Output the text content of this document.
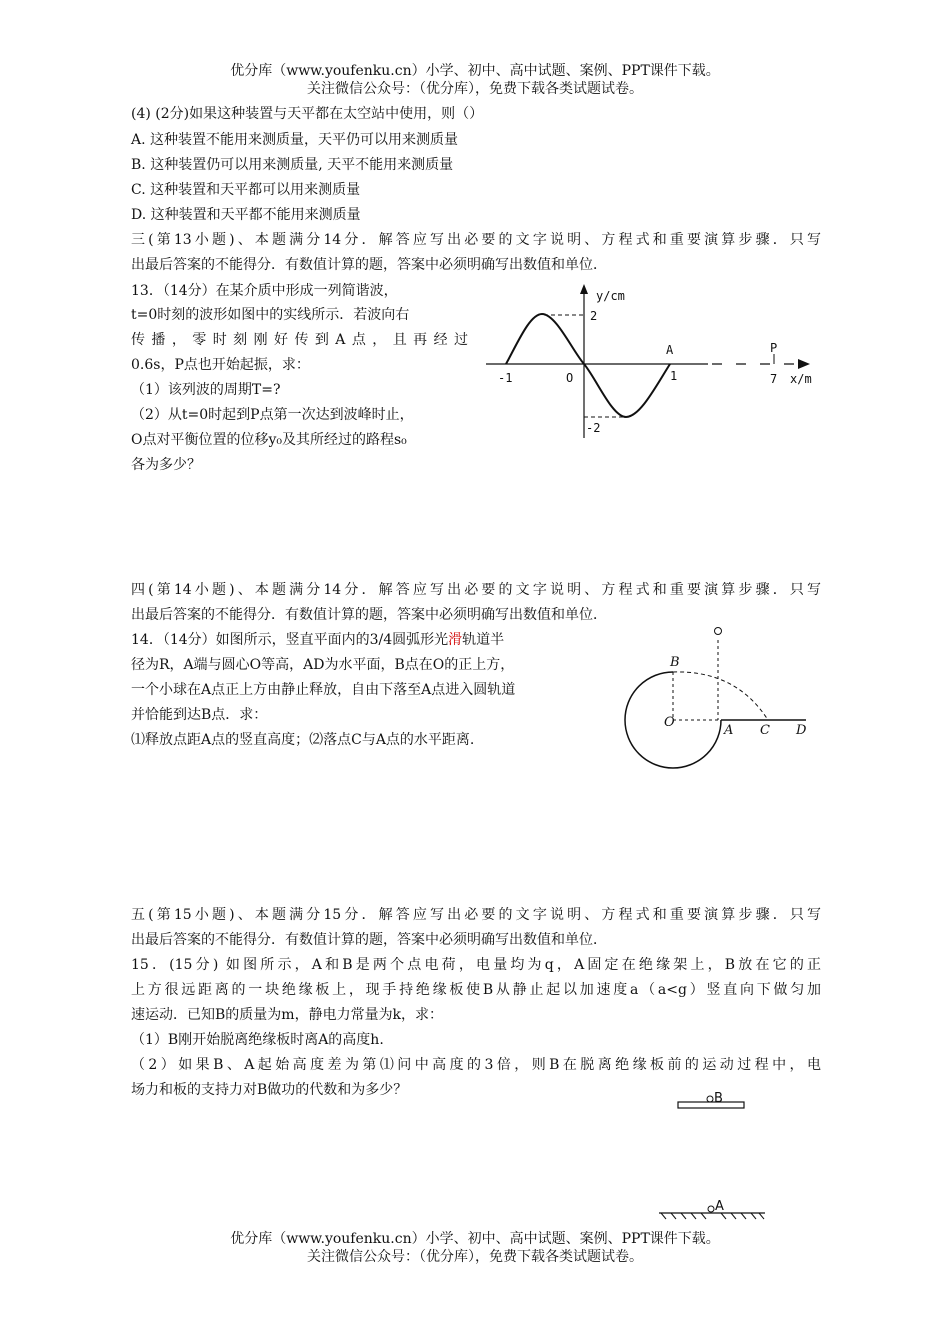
优分库（www.youfenku.cn）小学、初中、高中试题、案例、PPT课件下载。
关注微信公众号：（优分库），免费下载各类试题试卷。
(4) (2分)如果这种装置与天平都在太空站中使用，则（）
A. 这种装置不能用来测质量，天平仍可以用来测质量
B. 这种装置仍可以用来测质量, 天平不能用来测质量
C. 这种装置和天平都可以用来测质量
D. 这种装置和天平都不能用来测质量
三(第13小题)、本题满分14分．解答应写出必要的文字说明、方程式和重要演算步骤．只写
出最后答案的不能得分．有数值计算的题，答案中必须明确写出数值和单位．
13．（14分）在某介质中形成一列简谐波，
t=0时刻的波形如图中的实线所示．若波向右
传播，零时刻刚好传到A点，且再经过
0.6s，P点也开始起振，求：
（1）该列波的周期T=?
（2）从t=0时起到P点第一次达到波峰时止，
O点对平衡位置的位移y₀及其所经过的路程s₀
各为多少？
y/cm
2
-2
-1	O	1
A	P
7 x/m
四(第14小题)、本题满分14分．解答应写出必要的文字说明、方程式和重要演算步骤．只写
出最后答案的不能得分．有数值计算的题，答案中必须明确写出数值和单位．
14．（14分）如图所示，竖直平面内的3/4圆弧形光滑轨道半
径为R，A端与圆心O等高，AD为水平面，B点在O的正上方，
一个小球在A点正上方由静止释放，自由下落至A点进入圆轨道
并恰能到达B点．求：
⑴释放点距A点的竖直高度；⑵落点C与A点的水平距离.
B
O
A C D
五(第15小题)、本题满分15分．解答应写出必要的文字说明、方程式和重要演算步骤．只写
出最后答案的不能得分．有数值计算的题，答案中必须明确写出数值和单位．
15．(15分) 如图所示，A和B是两个点电荷，电量均为q，A固定在绝缘架上，B放在它的正
上方很远距离的一块绝缘板上，现手持绝缘板使B从静止起以加速度a（a<g）竖直向下做匀加
速运动．已知B的质量为m，静电力常量为k，求：
（1）B刚开始脱离绝缘板时离A的高度h.
（2）如果B、A起始高度差为第⑴问中高度的3倍，则B在脱离绝缘板前的运动过程中，电
场力和板的支持力对B做功的代数和为多少？
B
A
优分库（www.youfenku.cn）小学、初中、高中试题、案例、PPT课件下载。
关注微信公众号：（优分库），免费下载各类试题试卷。
